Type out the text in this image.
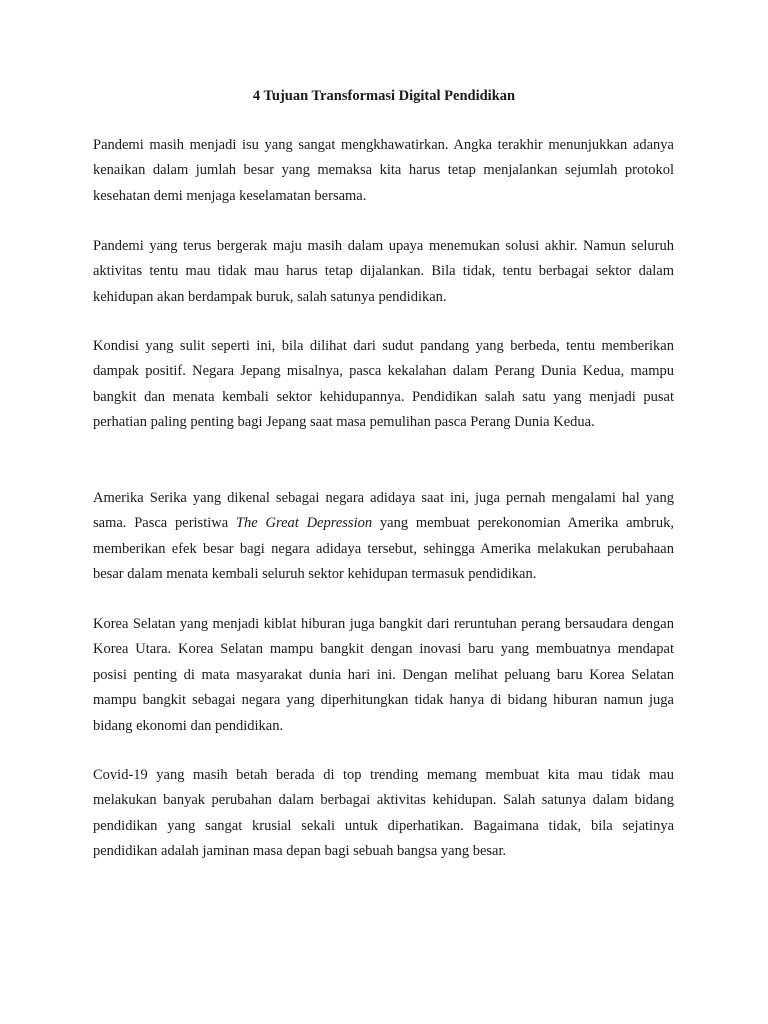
4 Tujuan Transformasi Digital Pendidikan

Pandemi masih menjadi isu yang sangat mengkhawatirkan. Angka terakhir menunjukkan adanya kenaikan dalam jumlah besar yang memaksa kita harus tetap menjalankan sejumlah protokol kesehatan demi menjaga keselamatan bersama.

Pandemi yang terus bergerak maju masih dalam upaya menemukan solusi akhir. Namun seluruh aktivitas tentu mau tidak mau harus tetap dijalankan. Bila tidak, tentu berbagai sektor dalam kehidupan akan berdampak buruk, salah satunya pendidikan.

Kondisi yang sulit seperti ini, bila dilihat dari sudut pandang yang berbeda, tentu memberikan dampak positif. Negara Jepang misalnya, pasca kekalahan dalam Perang Dunia Kedua, mampu bangkit dan menata kembali sektor kehidupannya. Pendidikan salah satu yang menjadi pusat perhatian paling penting bagi Jepang saat masa pemulihan pasca Perang Dunia Kedua.

Amerika Serika yang dikenal sebagai negara adidaya saat ini, juga pernah mengalami hal yang sama. Pasca peristiwa The Great Depression yang membuat perekonomian Amerika ambruk, memberikan efek besar bagi negara adidaya tersebut, sehingga Amerika melakukan perubahaan besar dalam menata kembali seluruh sektor kehidupan termasuk pendidikan.

Korea Selatan yang menjadi kiblat hiburan juga bangkit dari reruntuhan perang bersaudara dengan Korea Utara. Korea Selatan mampu bangkit dengan inovasi baru yang membuatnya mendapat posisi penting di mata masyarakat dunia hari ini. Dengan melihat peluang baru Korea Selatan mampu bangkit sebagai negara yang diperhitungkan tidak hanya di bidang hiburan namun juga bidang ekonomi dan pendidikan.

Covid-19 yang masih betah berada di top trending memang membuat kita mau tidak mau melakukan banyak perubahan dalam berbagai aktivitas kehidupan. Salah satunya dalam bidang pendidikan yang sangat krusial sekali untuk diperhatikan. Bagaimana tidak, bila sejatinya pendidikan adalah jaminan masa depan bagi sebuah bangsa yang besar.
